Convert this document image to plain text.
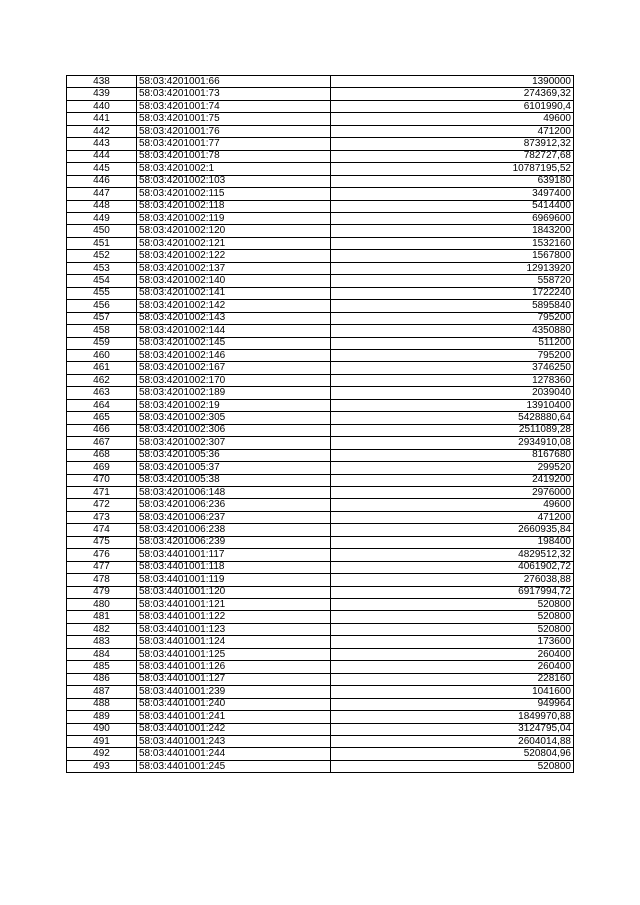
438	58:03:4201001:66	1390000
439	58:03:4201001:73	274369,32
440	58:03:4201001:74	6101990,4
441	58:03:4201001:75	49600
442	58:03:4201001:76	471200
443	58:03:4201001:77	873912,32
444	58:03:4201001:78	782727,68
445	58:03:4201002:1	10787195,52
446	58:03:4201002:103	639180
447	58:03:4201002:115	3497400
448	58:03:4201002:118	5414400
449	58:03:4201002:119	6969600
450	58:03:4201002:120	1843200
451	58:03:4201002:121	1532160
452	58:03:4201002:122	1567800
453	58:03:4201002:137	12913920
454	58:03:4201002:140	558720
455	58:03:4201002:141	1722240
456	58:03:4201002:142	5895840
457	58:03:4201002:143	795200
458	58:03:4201002:144	4350880
459	58:03:4201002:145	511200
460	58:03:4201002:146	795200
461	58:03:4201002:167	3746250
462	58:03:4201002:170	1278360
463	58:03:4201002:189	2039040
464	58:03:4201002:19	13910400
465	58:03:4201002:305	5428880,64
466	58:03:4201002:306	2511089,28
467	58:03:4201002:307	2934910,08
468	58:03:4201005:36	8167680
469	58:03:4201005:37	299520
470	58:03:4201005:38	2419200
471	58:03:4201006:148	2976000
472	58:03:4201006:236	49600
473	58:03:4201006:237	471200
474	58:03:4201006:238	2660935,84
475	58:03:4201006:239	198400
476	58:03:4401001:117	4829512,32
477	58:03:4401001:118	4061902,72
478	58:03:4401001:119	276038,88
479	58:03:4401001:120	6917994,72
480	58:03:4401001:121	520800
481	58:03:4401001:122	520800
482	58:03:4401001:123	520800
483	58:03:4401001:124	173600
484	58:03:4401001:125	260400
485	58:03:4401001:126	260400
486	58:03:4401001:127	228160
487	58:03:4401001:239	1041600
488	58:03:4401001:240	949964
489	58:03:4401001:241	1849970,88
490	58:03:4401001:242	3124795,04
491	58:03:4401001:243	2604014,88
492	58:03:4401001:244	520804,96
493	58:03:4401001:245	520800
